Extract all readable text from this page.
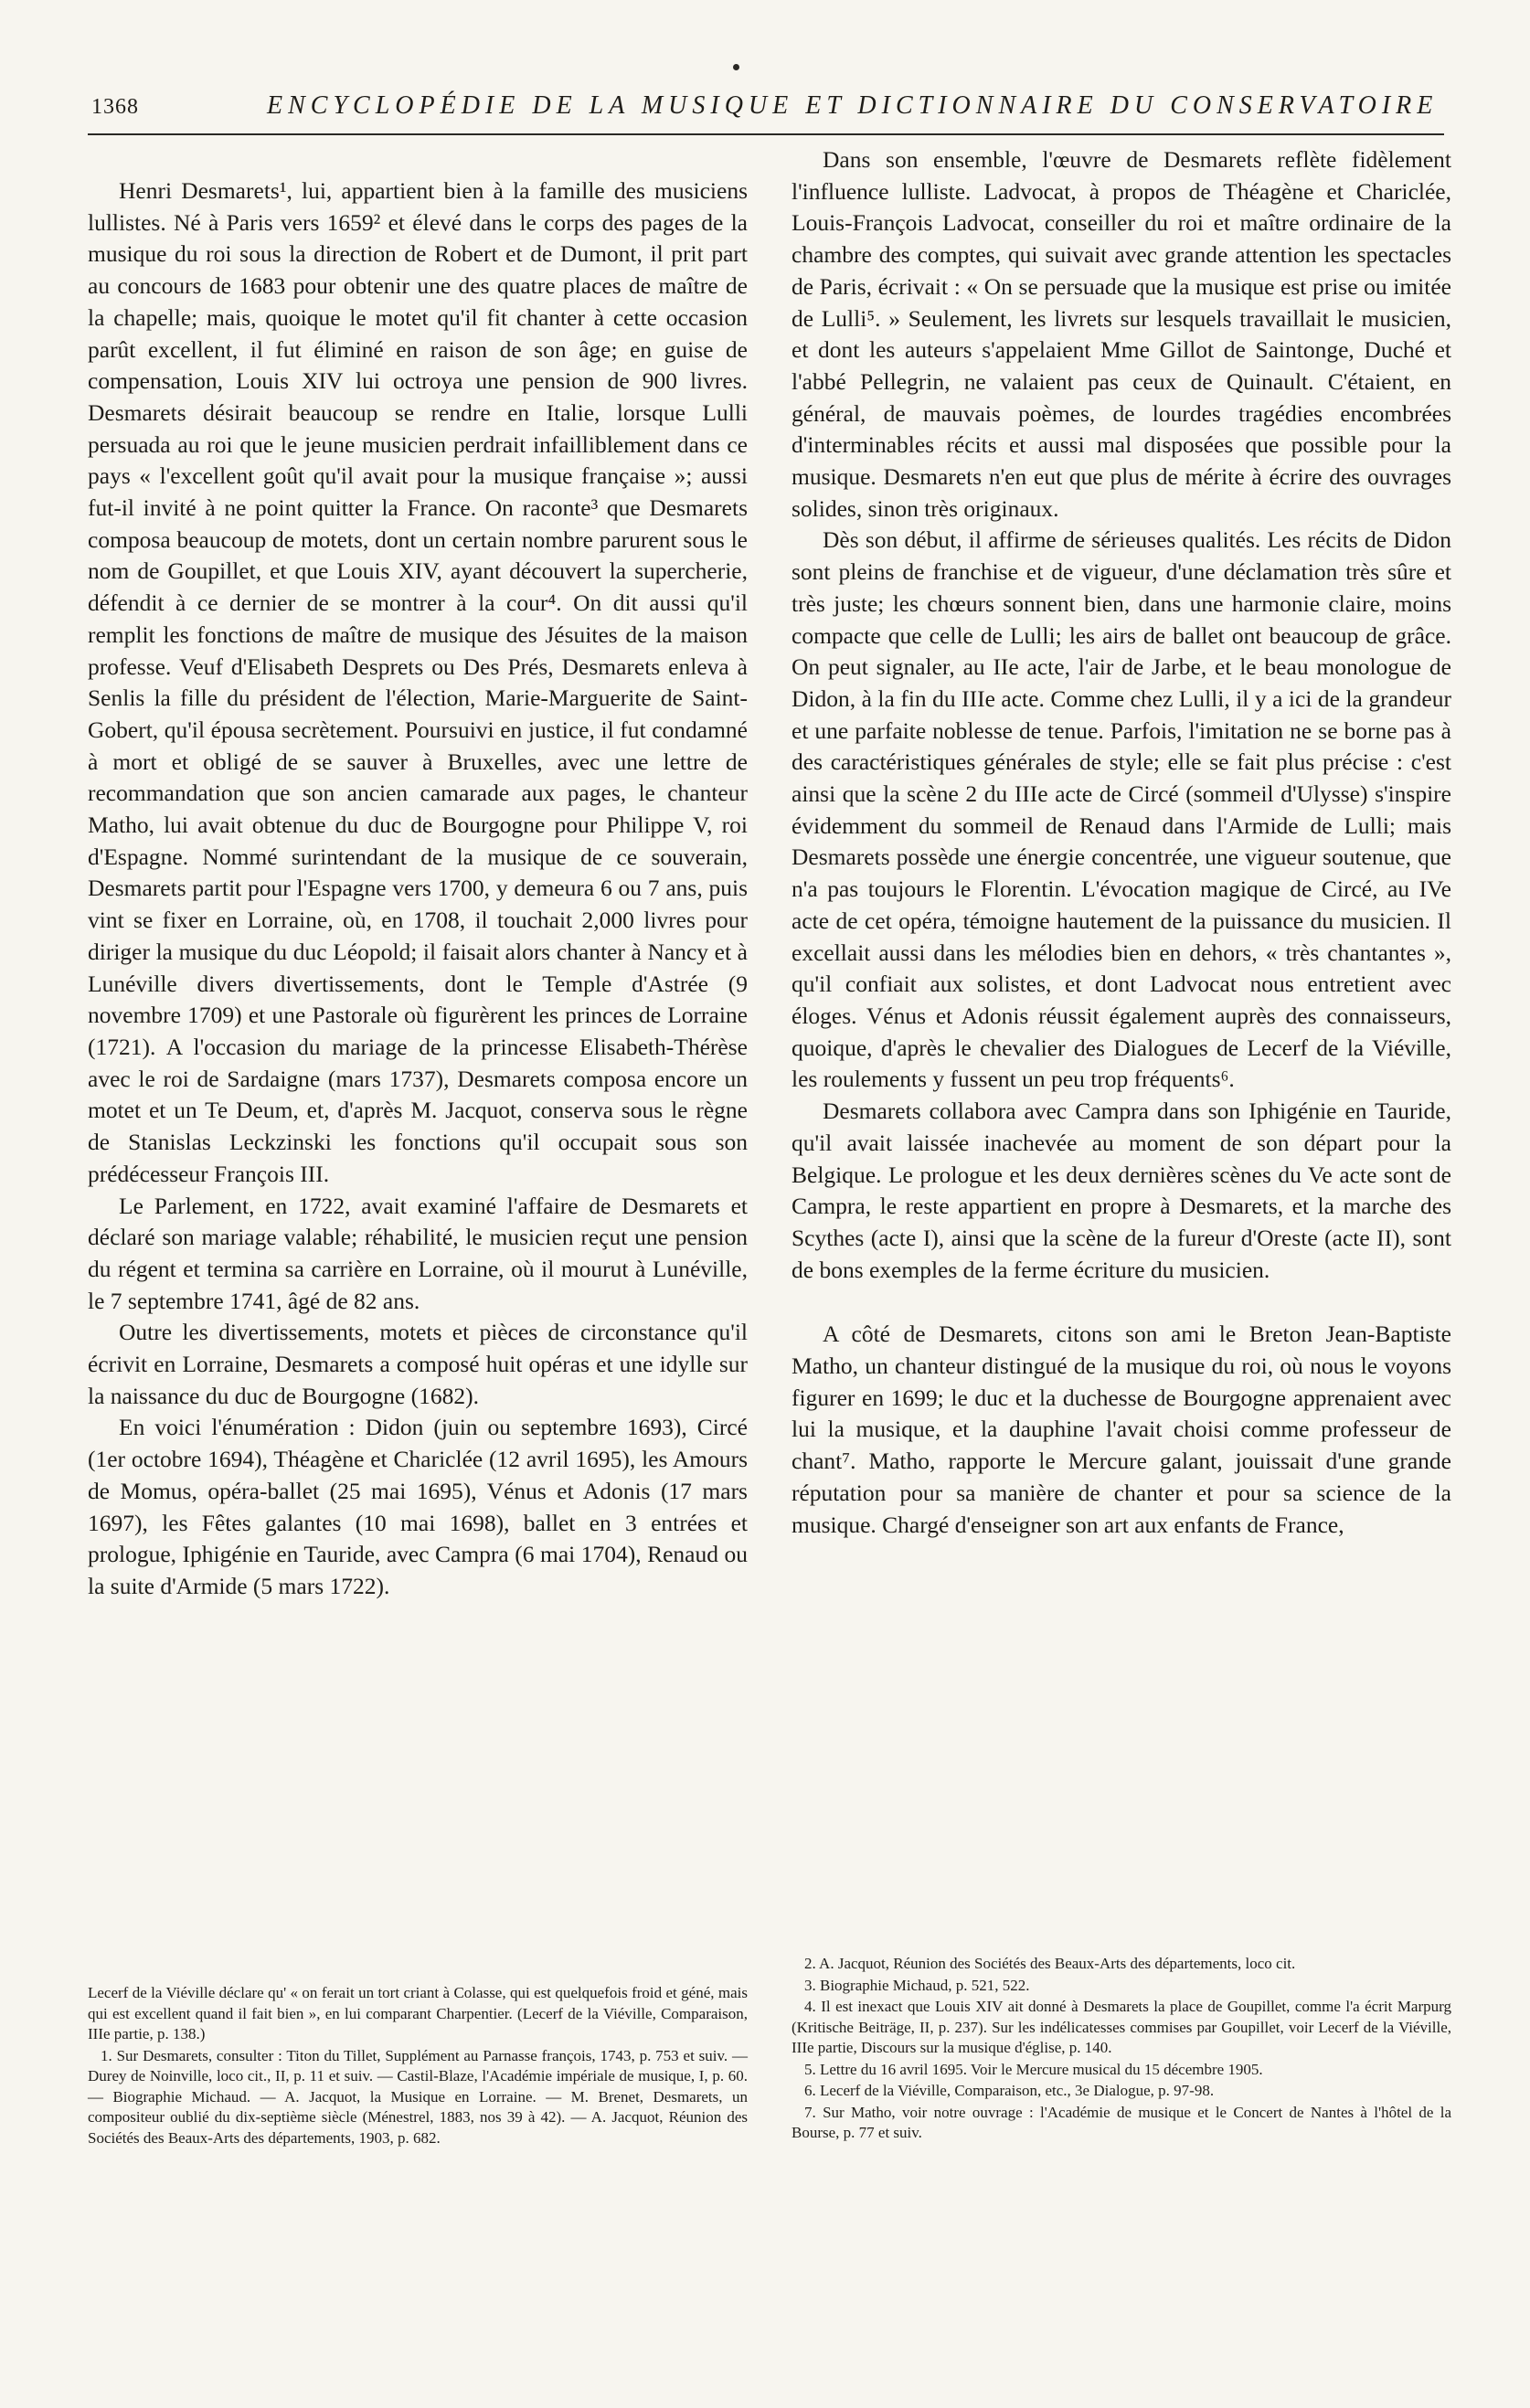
1368	ENCYCLOPÉDIE DE LA MUSIQUE ET DICTIONNAIRE DU CONSERVATOIRE

Henri Desmarets¹, lui, appartient bien à la famille des musiciens lullistes. Né à Paris vers 1659² et élevé dans le corps des pages de la musique du roi sous la direction de Robert et de Dumont, il prit part au concours de 1683 pour obtenir une des quatre places de maître de la chapelle; mais, quoique le motet qu'il fit chanter à cette occasion parût excellent, il fut éliminé en raison de son âge; en guise de compensation, Louis XIV lui octroya une pension de 900 livres. Desmarets désirait beaucoup se rendre en Italie, lorsque Lulli persuada au roi que le jeune musicien perdrait infailliblement dans ce pays « l'excellent goût qu'il avait pour la musique française »; aussi fut-il invité à ne point quitter la France. On raconte³ que Desmarets composa beaucoup de motets, dont un certain nombre parurent sous le nom de Goupillet, et que Louis XIV, ayant découvert la supercherie, défendit à ce dernier de se montrer à la cour⁴. On dit aussi qu'il remplit les fonctions de maître de musique des Jésuites de la maison professe. Veuf d'Elisabeth Desprets ou Des Prés, Desmarets enleva à Senlis la fille du président de l'élection, Marie-Marguerite de Saint-Gobert, qu'il épousa secrètement. Poursuivi en justice, il fut condamné à mort et obligé de se sauver à Bruxelles, avec une lettre de recommandation que son ancien camarade aux pages, le chanteur Matho, lui avait obtenue du duc de Bourgogne pour Philippe V, roi d'Espagne. Nommé surintendant de la musique de ce souverain, Desmarets partit pour l'Espagne vers 1700, y demeura 6 ou 7 ans, puis vint se fixer en Lorraine, où, en 1708, il touchait 2,000 livres pour diriger la musique du duc Léopold; il faisait alors chanter à Nancy et à Lunéville divers divertissements, dont le Temple d'Astrée (9 novembre 1709) et une Pastorale où figurèrent les princes de Lorraine (1721). A l'occasion du mariage de la princesse Elisabeth-Thérèse avec le roi de Sardaigne (mars 1737), Desmarets composa encore un motet et un Te Deum, et, d'après M. Jacquot, conserva sous le règne de Stanislas Leckzinski les fonctions qu'il occupait sous son prédécesseur François III.

Le Parlement, en 1722, avait examiné l'affaire de Desmarets et déclaré son mariage valable; réhabilité, le musicien reçut une pension du régent et termina sa carrière en Lorraine, où il mourut à Lunéville, le 7 septembre 1741, âgé de 82 ans.

Outre les divertissements, motets et pièces de circonstance qu'il écrivit en Lorraine, Desmarets a composé huit opéras et une idylle sur la naissance du duc de Bourgogne (1682).

En voici l'énumération : Didon (juin ou septembre 1693), Circé (1er octobre 1694), Théagène et Chariclée (12 avril 1695), les Amours de Momus, opéra-ballet (25 mai 1695), Vénus et Adonis (17 mars 1697), les Fêtes galantes (10 mai 1698), ballet en 3 entrées et prologue, Iphigénie en Tauride, avec Campra (6 mai 1704), Renaud ou la suite d'Armide (5 mars 1722).

Dans son ensemble, l'œuvre de Desmarets reflète fidèlement l'influence lulliste. Ladvocat, à propos de Théagène et Chariclée, Louis-François Ladvocat, conseiller du roi et maître ordinaire de la chambre des comptes, qui suivait avec grande attention les spectacles de Paris, écrivait : « On se persuade que la musique est prise ou imitée de Lulli⁵. » Seulement, les livrets sur lesquels travaillait le musicien, et dont les auteurs s'appelaient Mme Gillot de Saintonge, Duché et l'abbé Pellegrin, ne valaient pas ceux de Quinault. C'étaient, en général, de mauvais poèmes, de lourdes tragédies encombrées d'interminables récits et aussi mal disposées que possible pour la musique. Desmarets n'en eut que plus de mérite à écrire des ouvrages solides, sinon très originaux.

Dès son début, il affirme de sérieuses qualités. Les récits de Didon sont pleins de franchise et de vigueur, d'une déclamation très sûre et très juste; les chœurs sonnent bien, dans une harmonie claire, moins compacte que celle de Lulli; les airs de ballet ont beaucoup de grâce. On peut signaler, au IIe acte, l'air de Jarbe, et le beau monologue de Didon, à la fin du IIIe acte. Comme chez Lulli, il y a ici de la grandeur et une parfaite noblesse de tenue. Parfois, l'imitation ne se borne pas à des caractéristiques générales de style; elle se fait plus précise : c'est ainsi que la scène 2 du IIIe acte de Circé (sommeil d'Ulysse) s'inspire évidemment du sommeil de Renaud dans l'Armide de Lulli; mais Desmarets possède une énergie concentrée, une vigueur soutenue, que n'a pas toujours le Florentin. L'évocation magique de Circé, au IVe acte de cet opéra, témoigne hautement de la puissance du musicien. Il excellait aussi dans les mélodies bien en dehors, « très chantantes », qu'il confiait aux solistes, et dont Ladvocat nous entretient avec éloges. Vénus et Adonis réussit également auprès des connaisseurs, quoique, d'après le chevalier des Dialogues de Lecerf de la Viéville, les roulements y fussent un peu trop fréquents⁶.

Desmarets collabora avec Campra dans son Iphigénie en Tauride, qu'il avait laissée inachevée au moment de son départ pour la Belgique. Le prologue et les deux dernières scènes du Ve acte sont de Campra, le reste appartient en propre à Desmarets, et la marche des Scythes (acte I), ainsi que la scène de la fureur d'Oreste (acte II), sont de bons exemples de la ferme écriture du musicien.

A côté de Desmarets, citons son ami le Breton Jean-Baptiste Matho, un chanteur distingué de la musique du roi, où nous le voyons figurer en 1699; le duc et la duchesse de Bourgogne apprenaient avec lui la musique, et la dauphine l'avait choisi comme professeur de chant⁷. Matho, rapporte le Mercure galant, jouissait d'une grande réputation pour sa manière de chanter et pour sa science de la musique. Chargé d'enseigner son art aux enfants de France,

Lecerf de la Viéville déclare qu' « on ferait un tort criant à Colasse, qui est quelquefois froid et géné, mais qui est excellent quand il fait bien », en lui comparant Charpentier. (Lecerf de la Viéville, Comparaison, IIIe partie, p. 138.)

1. Sur Desmarets, consulter : Titon du Tillet, Supplément au Parnasse françois, 1743, p. 753 et suiv. — Durey de Noinville, loco cit., II, p. 11 et suiv. — Castil-Blaze, l'Académie impériale de musique, I, p. 60. — Biographie Michaud. — A. Jacquot, la Musique en Lorraine. — M. Brenet, Desmarets, un compositeur oublié du dix-septième siècle (Ménestrel, 1883, nos 39 à 42). — A. Jacquot, Réunion des Sociétés des Beaux-Arts des départements, 1903, p. 682.

2. A. Jacquot, Réunion des Sociétés des Beaux-Arts des départements, loco cit.

3. Biographie Michaud, p. 521, 522.

4. Il est inexact que Louis XIV ait donné à Desmarets la place de Goupillet, comme l'a écrit Marpurg (Kritische Beiträge, II, p. 237). Sur les indélicatesses commises par Goupillet, voir Lecerf de la Viéville, IIIe partie, Discours sur la musique d'église, p. 140.

5. Lettre du 16 avril 1695. Voir le Mercure musical du 15 décembre 1905.

6. Lecerf de la Viéville, Comparaison, etc., 3e Dialogue, p. 97-98.

7. Sur Matho, voir notre ouvrage : l'Académie de musique et le Concert de Nantes à l'hôtel de la Bourse, p. 77 et suiv.
